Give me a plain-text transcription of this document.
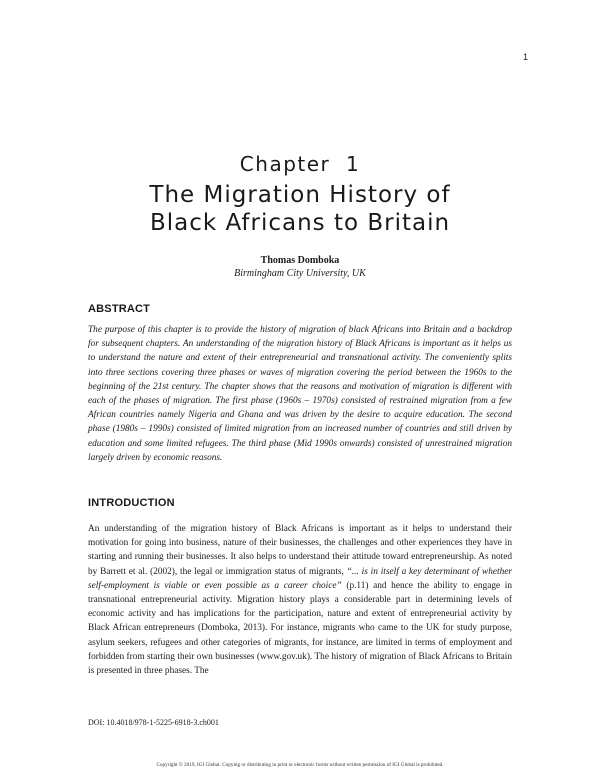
1
Chapter  1
The Migration History of
Black Africans to Britain
Thomas Domboka
Birmingham City University, UK
ABSTRACT
The purpose of this chapter is to provide the history of migration of black Africans into Britain and a backdrop for subsequent chapters. An understanding of the migration history of Black Africans is important as it helps us to understand the nature and extent of their entrepreneurial and transnational activity. The conveniently splits into three sections covering three phases or waves of migration covering the period between the 1960s to the beginning of the 21st century. The chapter shows that the reasons and motivation of migration is different with each of the phases of migration. The first phase (1960s – 1970s) consisted of restrained migration from a few African countries namely Nigeria and Ghana and was driven by the desire to acquire education. The second phase (1980s – 1990s) consisted of limited migration from an increased number of countries and still driven by education and some limited refugees. The third phase (Mid 1990s onwards) consisted of unrestrained migration largely driven by economic reasons.
INTRODUCTION
An understanding of the migration history of Black Africans is important as it helps to understand their motivation for going into business, nature of their businesses, the challenges and other experiences they have in starting and running their businesses. It also helps to understand their attitude toward entrepreneurship. As noted by Barrett et al. (2002), the legal or immigration status of migrants, “... is in itself a key determinant of whether self-employment is viable or even possible as a career choice” (p.11) and hence the ability to engage in transnational entrepreneurial activity. Migration history plays a considerable part in determining levels of economic activity and has implications for the participation, nature and extent of entrepreneurial activity by Black African entrepreneurs (Domboka, 2013). For instance, migrants who came to the UK for study purpose, asylum seekers, refugees and other categories of migrants, for instance, are limited in terms of employment and forbidden from starting their own businesses (www.gov.uk). The history of migration of Black Africans to Britain is presented in three phases. The
DOI: 10.4018/978-1-5225-6918-3.ch001
Copyright © 2019, IGI Global. Copying or distributing in print or electronic forms without written permission of IGI Global is prohibited.
